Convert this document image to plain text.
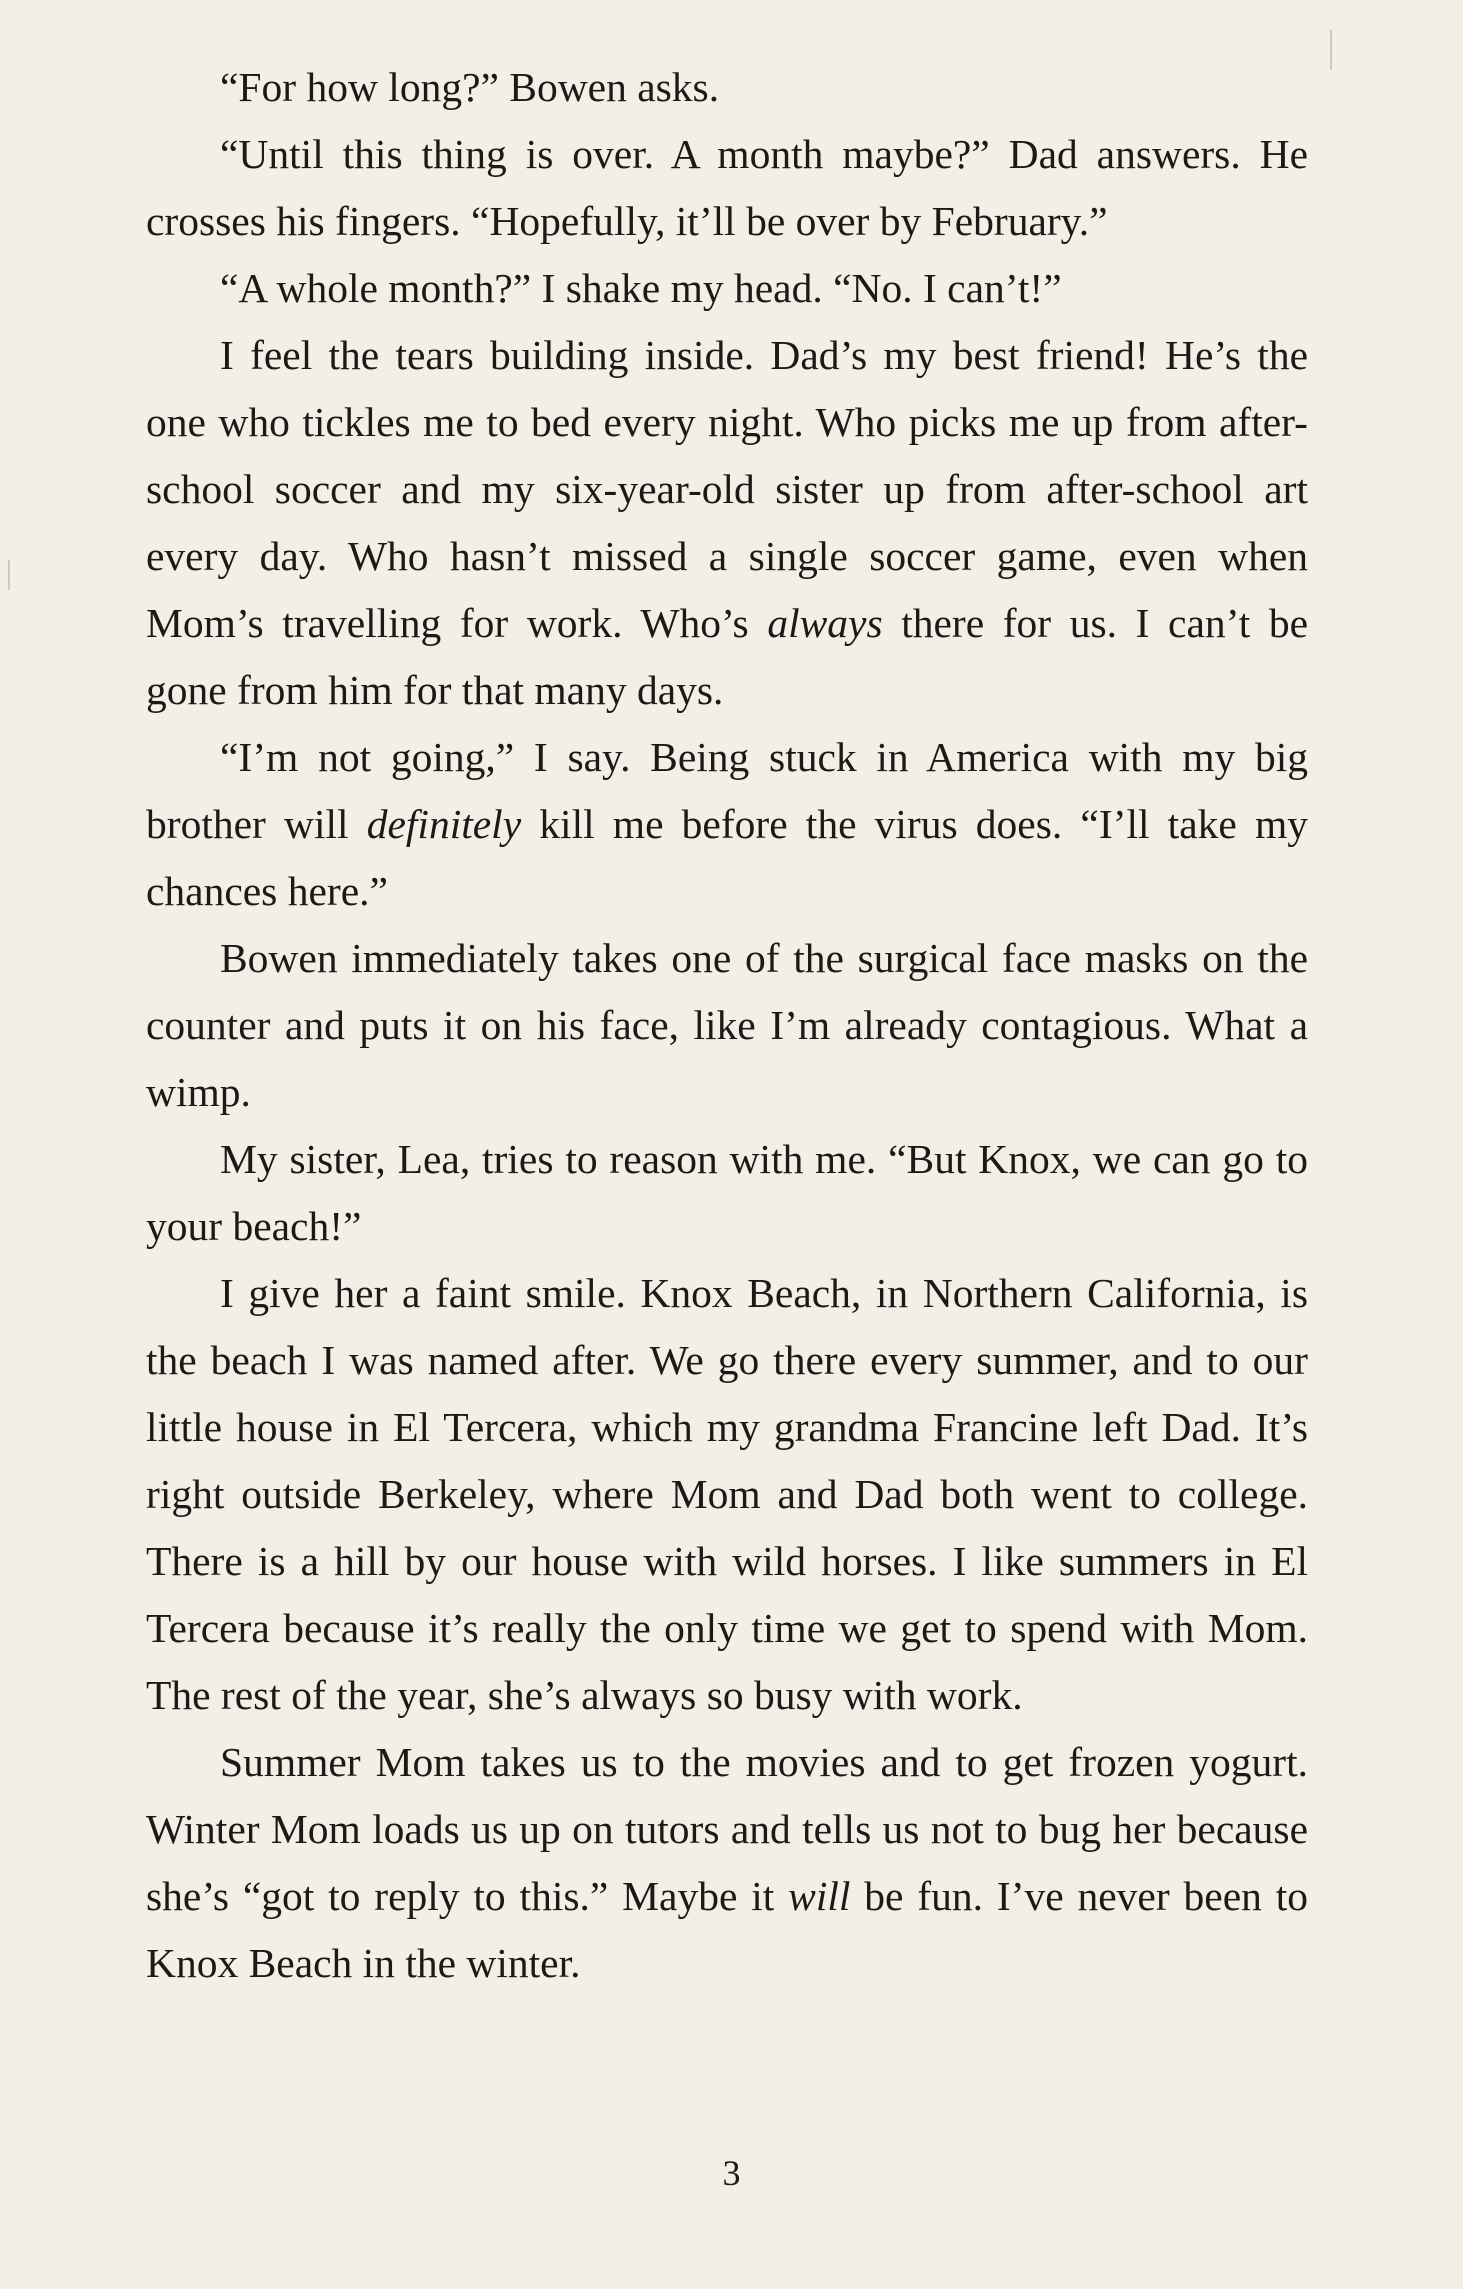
“For how long?” Bowen asks.

“Until this thing is over. A month maybe?” Dad answers. He crosses his fingers. “Hopefully, it’ll be over by February.”

“A whole month?” I shake my head. “No. I can’t!”

I feel the tears building inside. Dad’s my best friend! He’s the one who tickles me to bed every night. Who picks me up from after-school soccer and my six-year-old sister up from after-school art every day. Who hasn’t missed a single soccer game, even when Mom’s travelling for work. Who’s always there for us. I can’t be gone from him for that many days.

“I’m not going,” I say. Being stuck in America with my big brother will definitely kill me before the virus does. “I’ll take my chances here.”

Bowen immediately takes one of the surgical face masks on the counter and puts it on his face, like I’m already contagious. What a wimp.

My sister, Lea, tries to reason with me. “But Knox, we can go to your beach!”

I give her a faint smile. Knox Beach, in Northern California, is the beach I was named after. We go there every summer, and to our little house in El Tercera, which my grandma Francine left Dad. It’s right outside Berkeley, where Mom and Dad both went to college. There is a hill by our house with wild horses. I like summers in El Tercera because it’s really the only time we get to spend with Mom. The rest of the year, she’s always so busy with work.

Summer Mom takes us to the movies and to get frozen yogurt. Winter Mom loads us up on tutors and tells us not to bug her because she’s “got to reply to this.” Maybe it will be fun. I’ve never been to Knox Beach in the winter.

3
